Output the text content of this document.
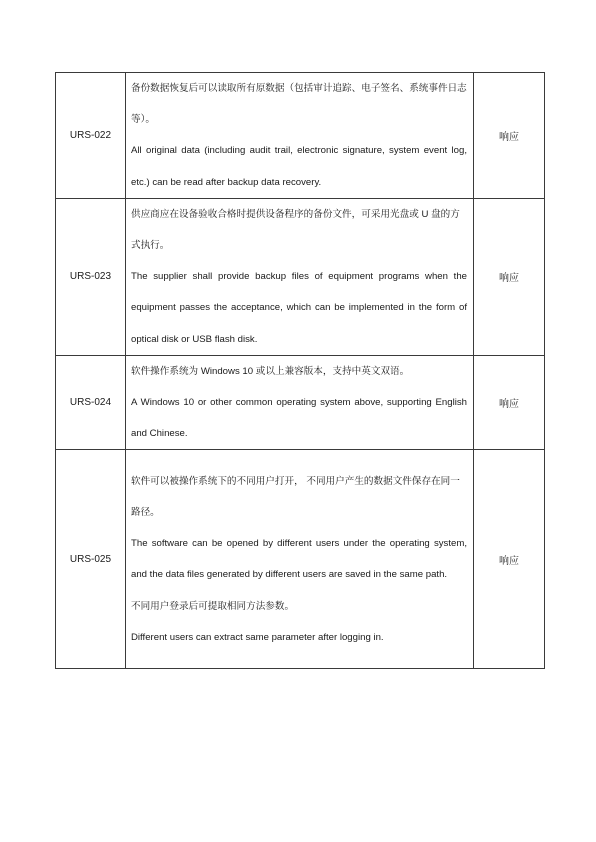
URS-022	备份数据恢复后可以读取所有原数据（包括审计追踪、电子签名、系统事件日志等）。

All original data (including audit trail, electronic signature, system event log, etc.) can be read after backup data recovery.	响应
URS-023	供应商应在设备验收合格时提供设备程序的备份文件，可采用光盘或 U 盘的方式执行。

The supplier shall provide backup files of equipment programs when the equipment passes the acceptance, which can be implemented in the form of optical disk or USB flash disk.	响应
URS-024	软件操作系统为 Windows 10 或以上兼容版本，支持中英文双语。

A Windows 10 or other common operating system above, supporting English and Chinese.	响应
URS-025	软件可以被操作系统下的不同用户打开， 不同用户产生的数据文件保存在同一路径。

The software can be opened by different users under the operating system, and the data files generated by different users are saved in the same path.

不同用户登录后可提取相同方法参数。

Different users can extract same parameter after logging in.	响应
